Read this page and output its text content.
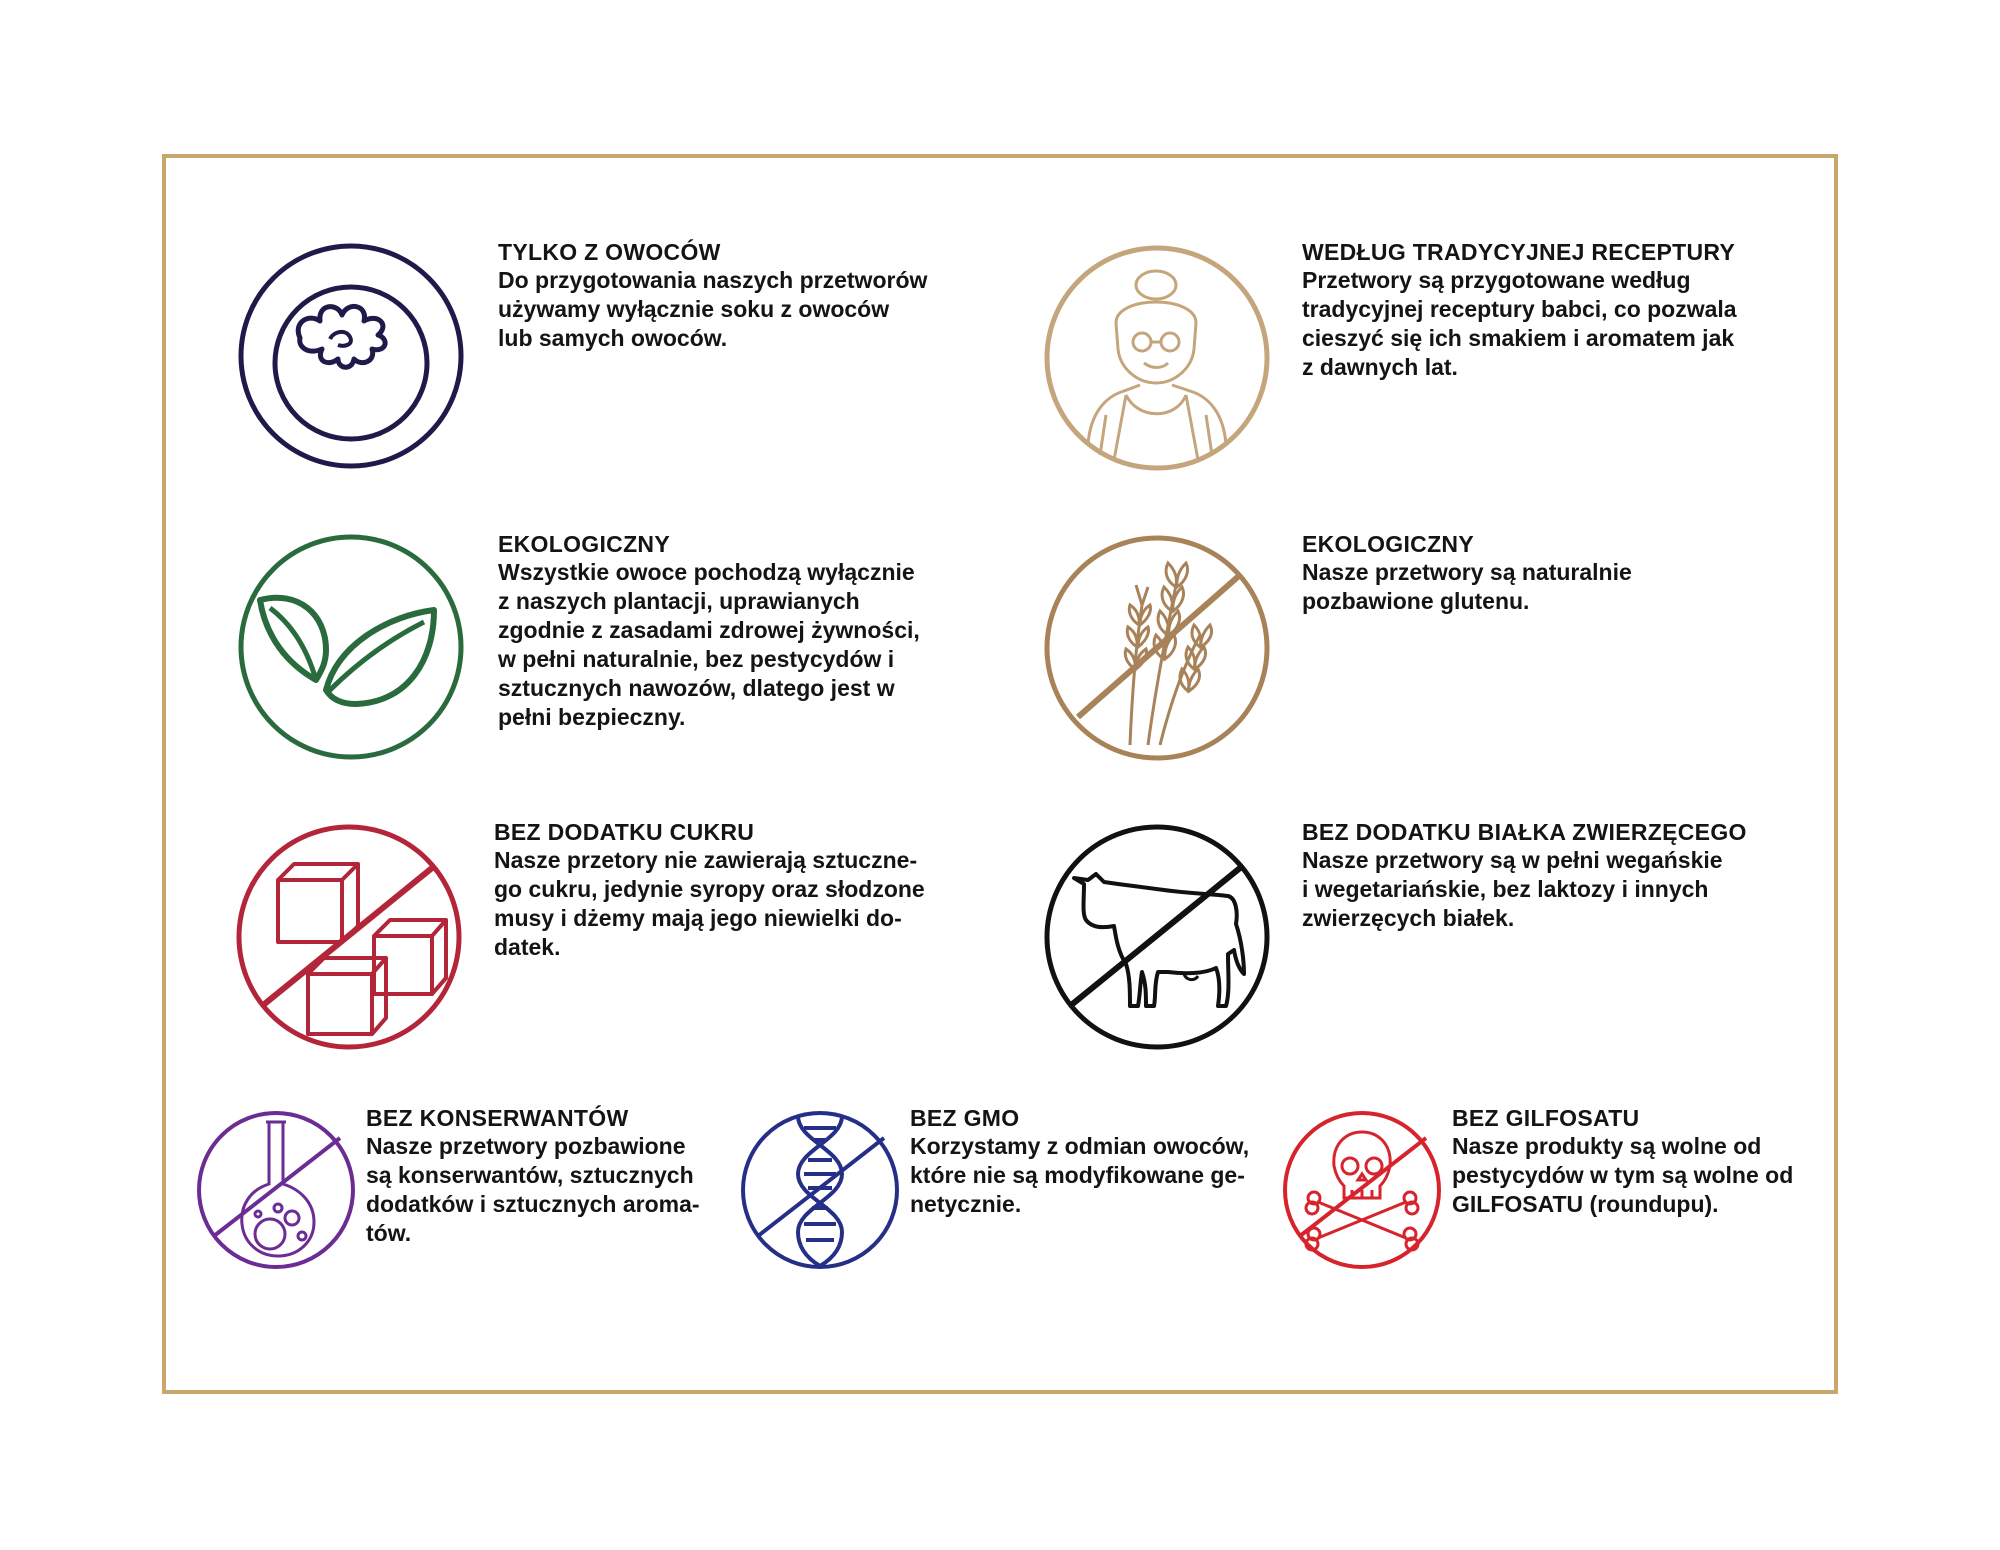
TYLKO Z OWOCÓW
Do przygotowania naszych przetworów
używamy wyłącznie soku z owoców
lub samych owoców.
WEDŁUG TRADYCYJNEJ RECEPTURY
Przetwory są przygotowane według
tradycyjnej receptury babci, co pozwala
cieszyć się ich smakiem i aromatem jak
z dawnych lat.
EKOLOGICZNY
Wszystkie owoce pochodzą wyłącznie
z naszych plantacji, uprawianych
zgodnie z zasadami zdrowej żywności,
w pełni naturalnie, bez pestycydów i
sztucznych nawozów, dlatego jest w
pełni bezpieczny.
EKOLOGICZNY
Nasze przetwory są naturalnie
pozbawione glutenu.
BEZ DODATKU CUKRU
Nasze przetory nie zawierają sztuczne-
go cukru, jedynie syropy oraz słodzone
musy i dżemy mają jego niewielki do-
datek.
BEZ DODATKU BIAŁKA ZWIERZĘCEGO
Nasze przetwory są w pełni wegańskie
i wegetariańskie, bez laktozy i innych
zwierzęcych białek.
BEZ KONSERWANTÓW
Nasze przetwory pozbawione
są konserwantów, sztucznych
dodatków i sztucznych aroma-
tów.
BEZ GMO
Korzystamy z odmian owoców,
które nie są modyfikowane ge-
netycznie.
BEZ GILFOSATU
Nasze produkty są wolne od
pestycydów w tym są wolne od
GILFOSATU (roundupu).
